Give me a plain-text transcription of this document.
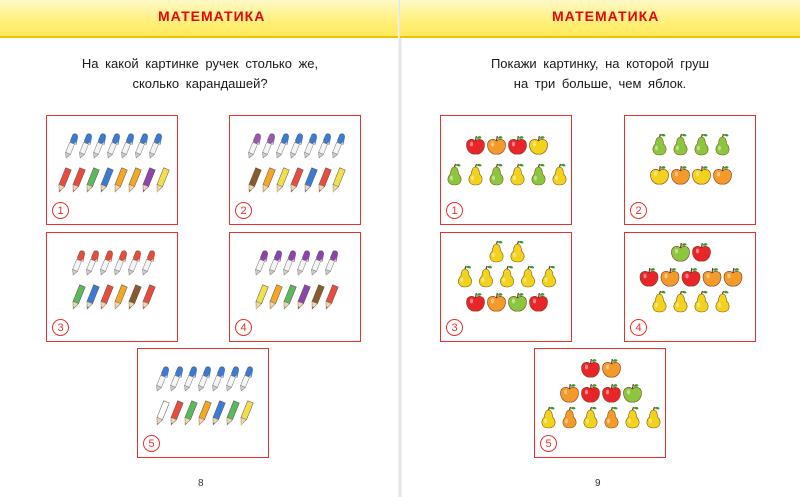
МАТЕМАТИКА
На какой картинке ручек столько же,
сколько карандашей?
1	2
3	4
5
8
МАТЕМАТИКА
Покажи картинку, на которой груш
на три больше, чем яблок.
1	2
3	4
5
9
